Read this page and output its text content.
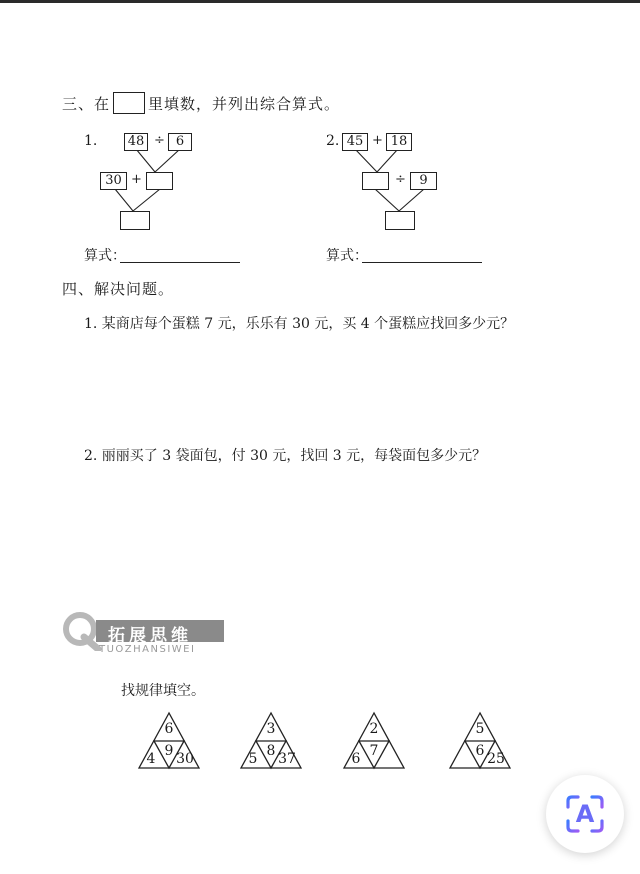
三、在	里填数，并列出综合算式。
1. 48 ÷ 6
30 +
算式：
2. 45 + 18
÷	9
算式：
四、解决问题。
1. 某商店每个蛋糕 7 元，乐乐有 30 元，买 4 个蛋糕应找回多少元？
2. 丽丽买了 3 袋面包，付 30 元，找回 3 元，每袋面包多少元？
拓展思维
TUOZHANSIWEI
找规律填空。
6
4 9 30
3
5 8 37
2
6 7
5
6 25
A
